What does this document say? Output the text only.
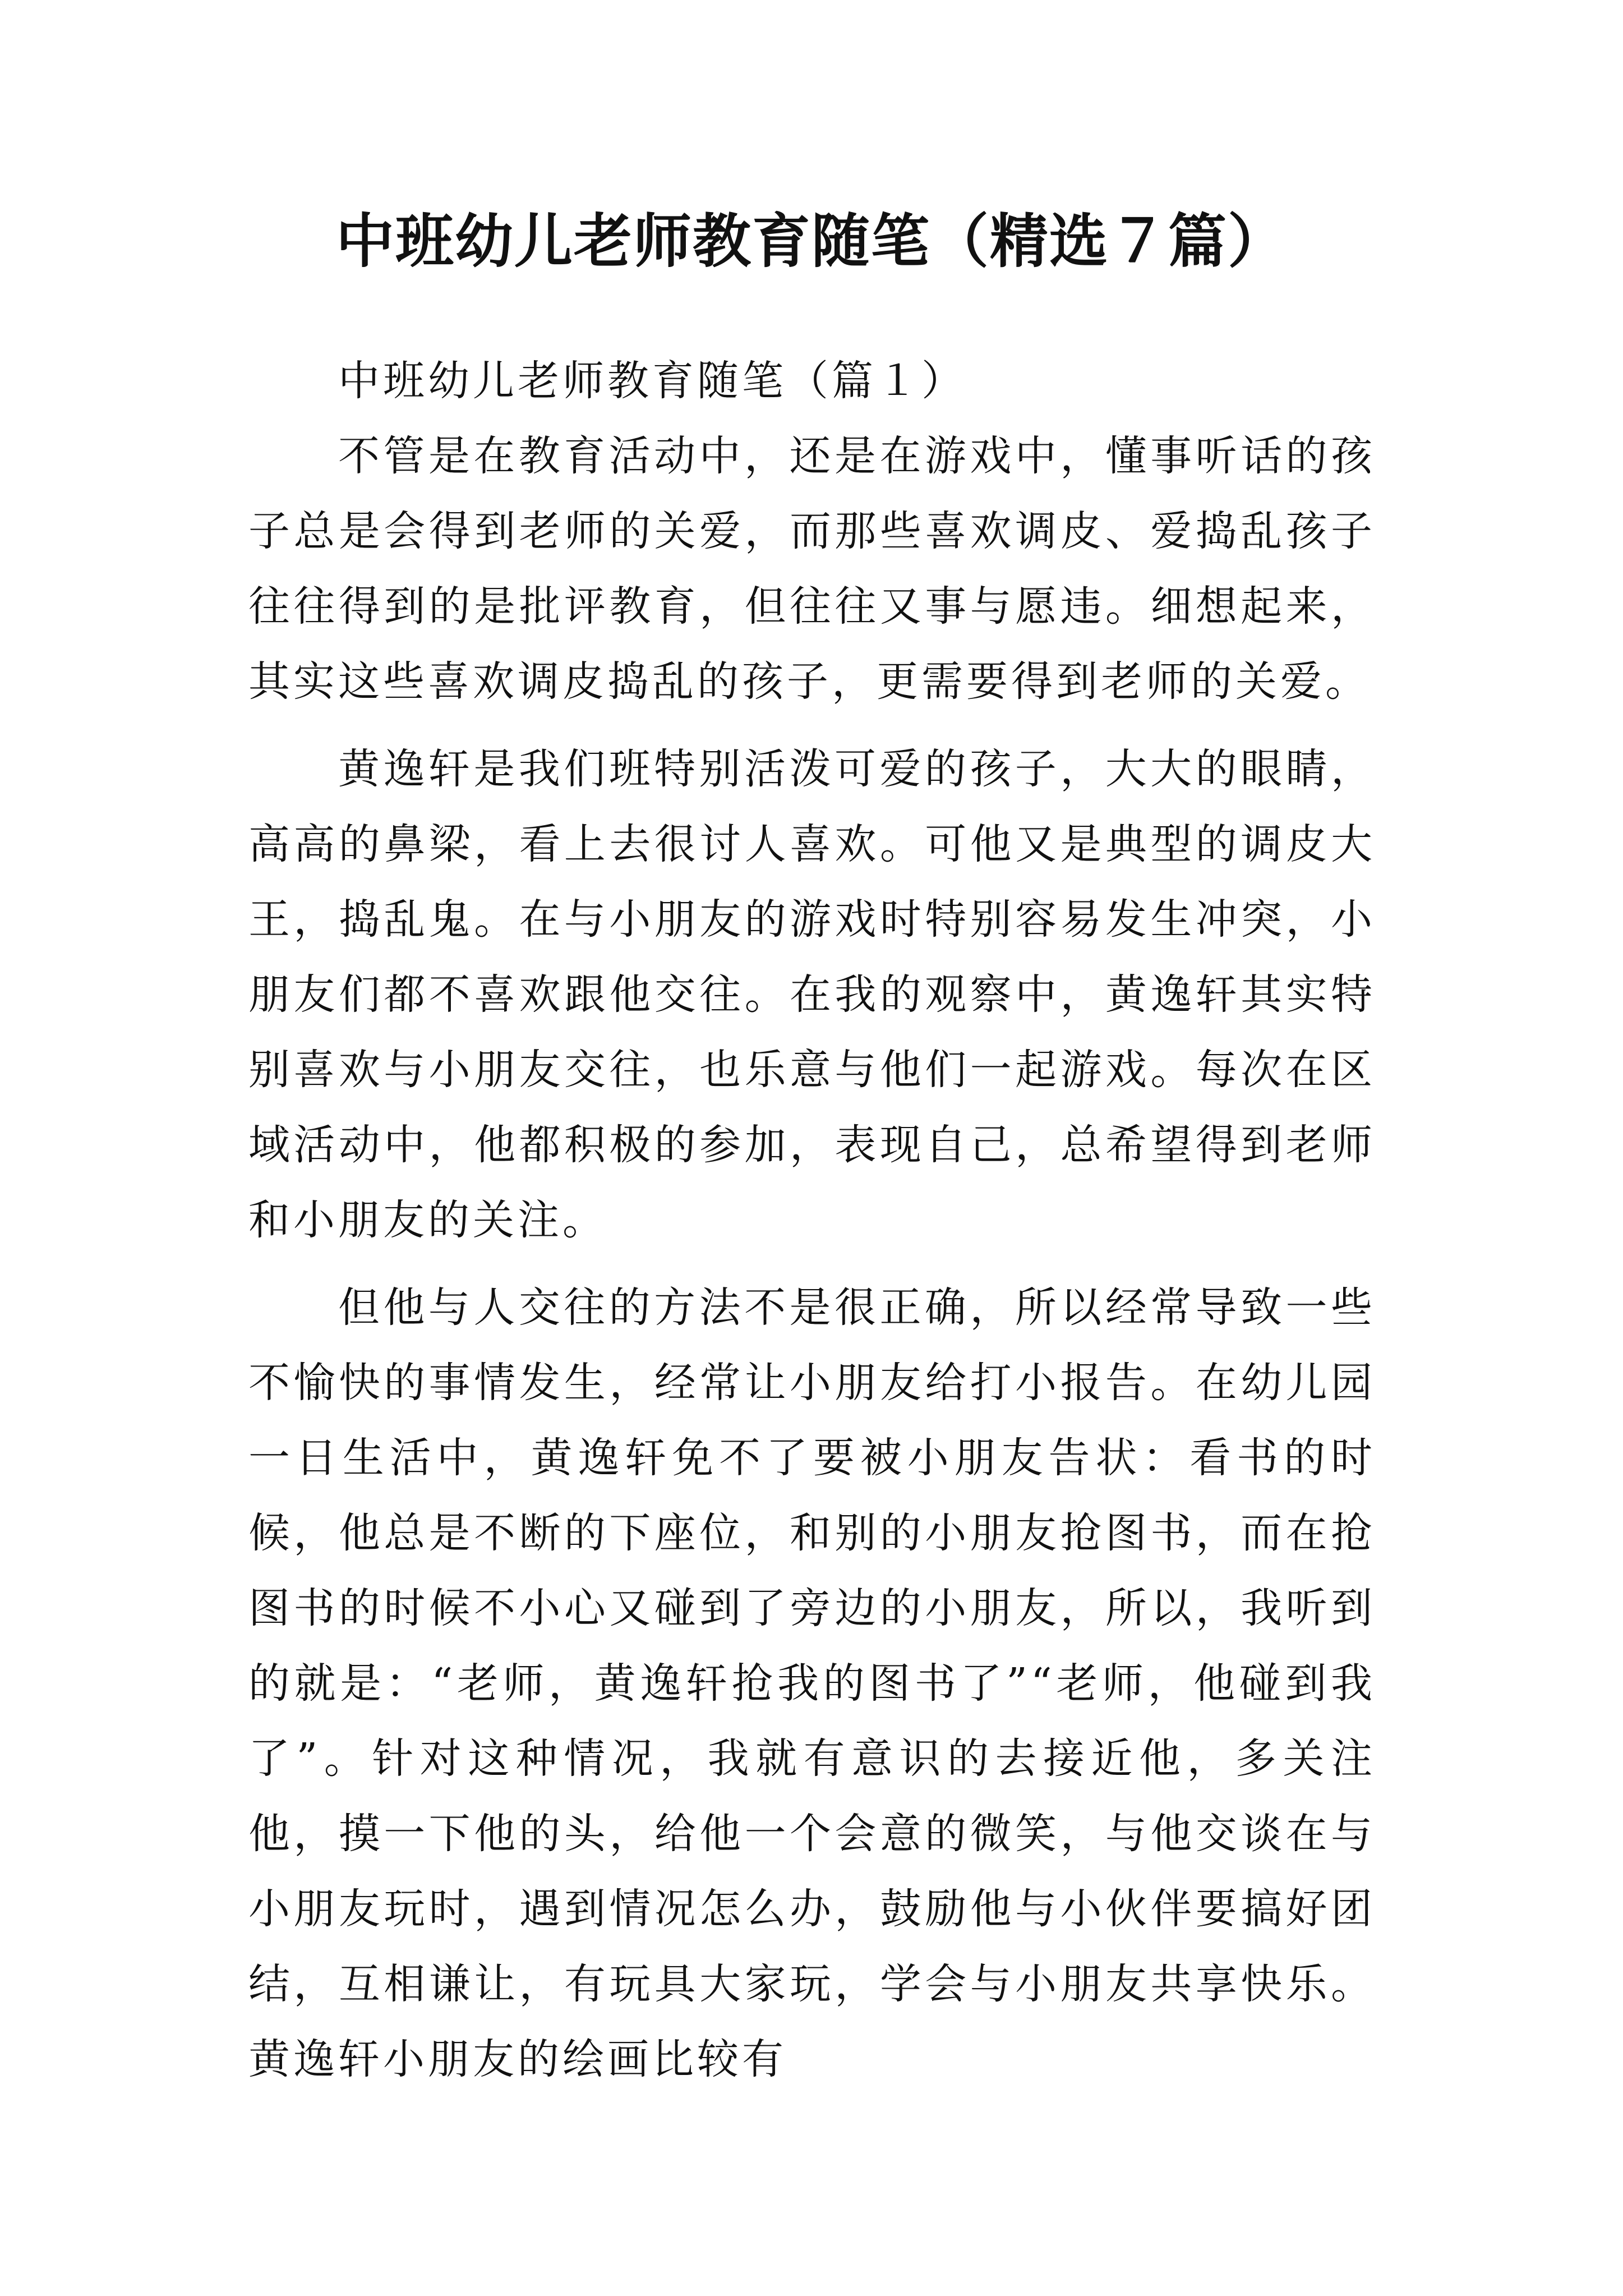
中班幼儿老师教育随笔（精选７篇）

中班幼儿老师教育随笔（篇１）

不管是在教育活动中，还是在游戏中，懂事听话的孩子总是会得到老师的关爱，而那些喜欢调皮、爱捣乱孩子往往得到的是批评教育，但往往又事与愿违。细想起来，其实这些喜欢调皮捣乱的孩子，更需要得到老师的关爱。

黄逸轩是我们班特别活泼可爱的孩子，大大的眼睛，高高的鼻梁，看上去很讨人喜欢。可他又是典型的调皮大王，捣乱鬼。在与小朋友的游戏时特别容易发生冲突，小朋友们都不喜欢跟他交往。在我的观察中，黄逸轩其实特别喜欢与小朋友交往，也乐意与他们一起游戏。每次在区域活动中，他都积极的参加，表现自己，总希望得到老师和小朋友的关注。

但他与人交往的方法不是很正确，所以经常导致一些不愉快的事情发生，经常让小朋友给打小报告。在幼儿园一日生活中，黄逸轩免不了要被小朋友告状：看书的时候，他总是不断的下座位，和别的小朋友抢图书，而在抢图书的时候不小心又碰到了旁边的小朋友，所以，我听到的就是：“老师，黄逸轩抢我的图书了”“老师，他碰到我了”。针对这种情况，我就有意识的去接近他，多关注他，摸一下他的头，给他一个会意的微笑，与他交谈在与小朋友玩时，遇到情况怎么办，鼓励他与小伙伴要搞好团结，互相谦让，有玩具大家玩，学会与小朋友共享快乐。黄逸轩小朋友的绘画比较有
